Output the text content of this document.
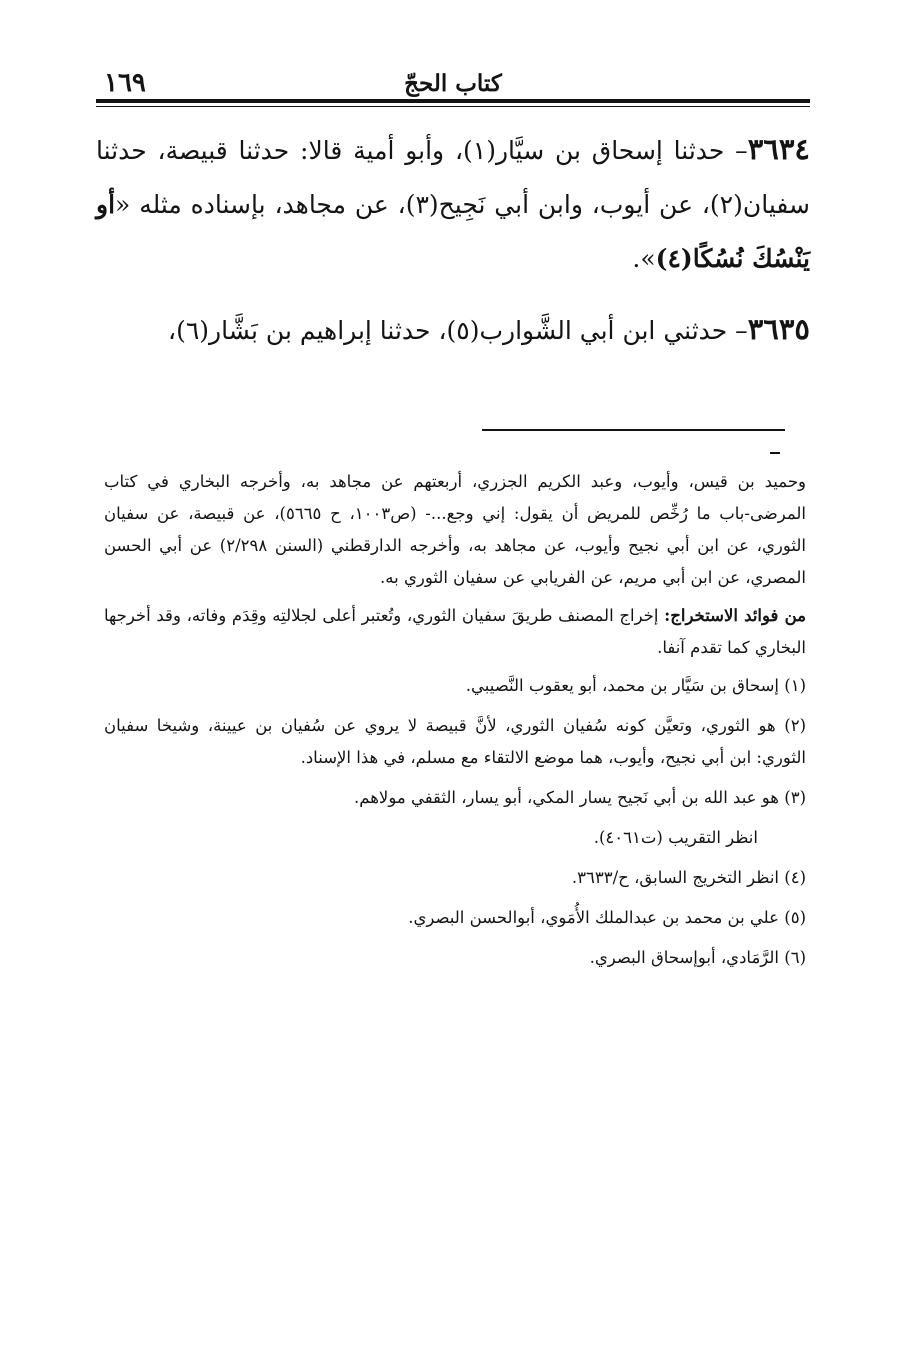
كتاب الحجّ
١٦٩

٣٦٣٤– حدثنا إسحاق بن سيَّار(١)، وأبو أمية قالا: حدثنا قبيصة، حدثنا سفيان(٢)، عن أيوب، وابن أبي نَجِيح(٣)، عن مجاهد، بإسناده مثله «أو يَنْسُكَ نُسُكًا(٤)».

٣٦٣٥– حدثني ابن أبي الشَّوارب(٥)، حدثنا إبراهيم بن بَشَّار(٦)،

وحميد بن قيس، وأيوب، وعبد الكريم الجزري، أربعتهم عن مجاهد به، وأخرجه البخاري في كتاب المرضى-باب ما رُخِّص للمريض أن يقول: إني وجع...- (ص١٠٠٣، ح ٥٦٦٥)، عن قبيصة، عن سفيان الثوري، عن ابن أبي نجيح وأيوب، عن مجاهد به، وأخرجه الدارقطني (السنن ٢/٢٩٨) عن أبي الحسن المصري، عن ابن أبي مريم، عن الفريابي عن سفيان الثوري به.

من فوائد الاستخراج: إخراج المصنف طريقَ سفيان الثوري، وتُعتبر أعلى لجلالتِه وقِدَم وفاته، وقد أخرجها البخاري كما تقدم آنفا.

(١) إسحاق بن سَيَّار بن محمد، أبو يعقوب النَّصيبي.

(٢) هو الثوري، وتعيَّن كونه سُفيان الثوري، لأنَّ قبيصة لا يروي عن سُفيان بن عيينة، وشيخا سفيان الثوري: ابن أبي نجيح، وأيوب، هما موضع الالتقاء مع مسلم، في هذا الإسناد.

(٣) هو عبد الله بن أبي نَجيح يسار المكي، أبو يسار، الثقفي مولاهم.

انظر التقريب (ت٤٠٦١).

(٤) انظر التخريج السابق، ح/٣٦٣٣.

(٥) علي بن محمد بن عبدالملك الأُمَوي، أبوالحسن البصري.

(٦) الرَّمَادي، أبوإسحاق البصري.
